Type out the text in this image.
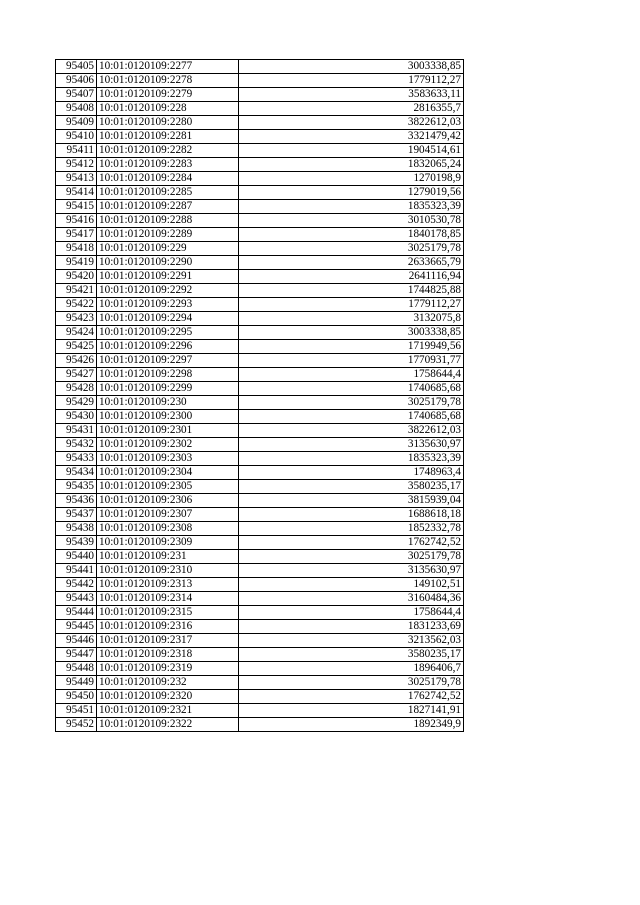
95405	10:01:0120109:2277	3003338,85
95406	10:01:0120109:2278	1779112,27
95407	10:01:0120109:2279	3583633,11
95408	10:01:0120109:228	2816355,7
95409	10:01:0120109:2280	3822612,03
95410	10:01:0120109:2281	3321479,42
95411	10:01:0120109:2282	1904514,61
95412	10:01:0120109:2283	1832065,24
95413	10:01:0120109:2284	1270198,9
95414	10:01:0120109:2285	1279019,56
95415	10:01:0120109:2287	1835323,39
95416	10:01:0120109:2288	3010530,78
95417	10:01:0120109:2289	1840178,85
95418	10:01:0120109:229	3025179,78
95419	10:01:0120109:2290	2633665,79
95420	10:01:0120109:2291	2641116,94
95421	10:01:0120109:2292	1744825,88
95422	10:01:0120109:2293	1779112,27
95423	10:01:0120109:2294	3132075,8
95424	10:01:0120109:2295	3003338,85
95425	10:01:0120109:2296	1719949,56
95426	10:01:0120109:2297	1770931,77
95427	10:01:0120109:2298	1758644,4
95428	10:01:0120109:2299	1740685,68
95429	10:01:0120109:230	3025179,78
95430	10:01:0120109:2300	1740685,68
95431	10:01:0120109:2301	3822612,03
95432	10:01:0120109:2302	3135630,97
95433	10:01:0120109:2303	1835323,39
95434	10:01:0120109:2304	1748963,4
95435	10:01:0120109:2305	3580235,17
95436	10:01:0120109:2306	3815939,04
95437	10:01:0120109:2307	1688618,18
95438	10:01:0120109:2308	1852332,78
95439	10:01:0120109:2309	1762742,52
95440	10:01:0120109:231	3025179,78
95441	10:01:0120109:2310	3135630,97
95442	10:01:0120109:2313	149102,51
95443	10:01:0120109:2314	3160484,36
95444	10:01:0120109:2315	1758644,4
95445	10:01:0120109:2316	1831233,69
95446	10:01:0120109:2317	3213562,03
95447	10:01:0120109:2318	3580235,17
95448	10:01:0120109:2319	1896406,7
95449	10:01:0120109:232	3025179,78
95450	10:01:0120109:2320	1762742,52
95451	10:01:0120109:2321	1827141,91
95452	10:01:0120109:2322	1892349,9
